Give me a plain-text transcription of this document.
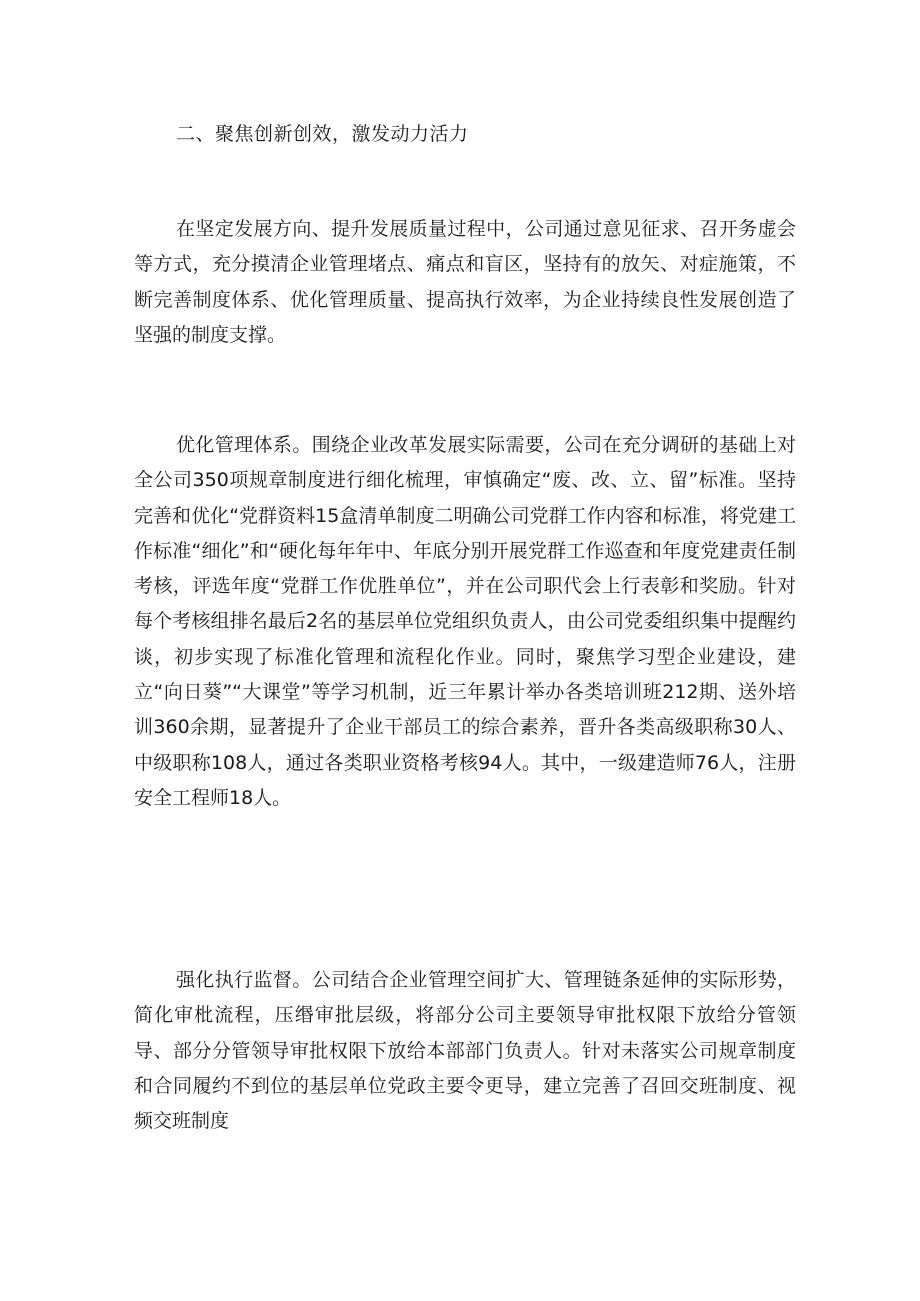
二、聚焦创新创效，激发动力活力

在坚定发展方向、提升发展质量过程中，公司通过意见征求、召开务虚会等方式，充分摸清企业管理堵点、痛点和盲区，坚持有的放矢、对症施策，不断完善制度体系、优化管理质量、提高执行效率，为企业持续良性发展创造了坚强的制度支撑。

优化管理体系。围绕企业改革发展实际需要，公司在充分调研的基础上对全公司350项规章制度进行细化梳理，审慎确定“废、改、立、留”标准。坚持完善和优化“党群资料15盒清单制度二明确公司党群工作内容和标准，将党建工作标准“细化”和“硬化每年年中、年底分别开展党群工作巡查和年度党建责任制考核，评选年度“党群工作优胜单位”，并在公司职代会上行表彰和奖励。针对每个考核组排名最后2名的基层单位党组织负责人，由公司党委组织集中提醒约谈，初步实现了标准化管理和流程化作业。同时，聚焦学习型企业建设，建立“向日葵”“大课堂”等学习机制，近三年累计举办各类培训班212期、送外培训360余期，显著提升了企业干部员工的综合素养，晋升各类高级职称30人、中级职称108人，通过各类职业资格考核94人。其中，一级建造师76人，注册安全工程师18人。

强化执行监督。公司结合企业管理空间扩大、管理链条延伸的实际形势，简化审枇流程，压缗审批层级，将部分公司主要领导审批权限下放给分管领导、部分分管领导审批权限下放给本部部门负责人。针对未落实公司规章制度和合同履约不到位的基层单位党政主要令更导，建立完善了召回交班制度、视频交班制度
